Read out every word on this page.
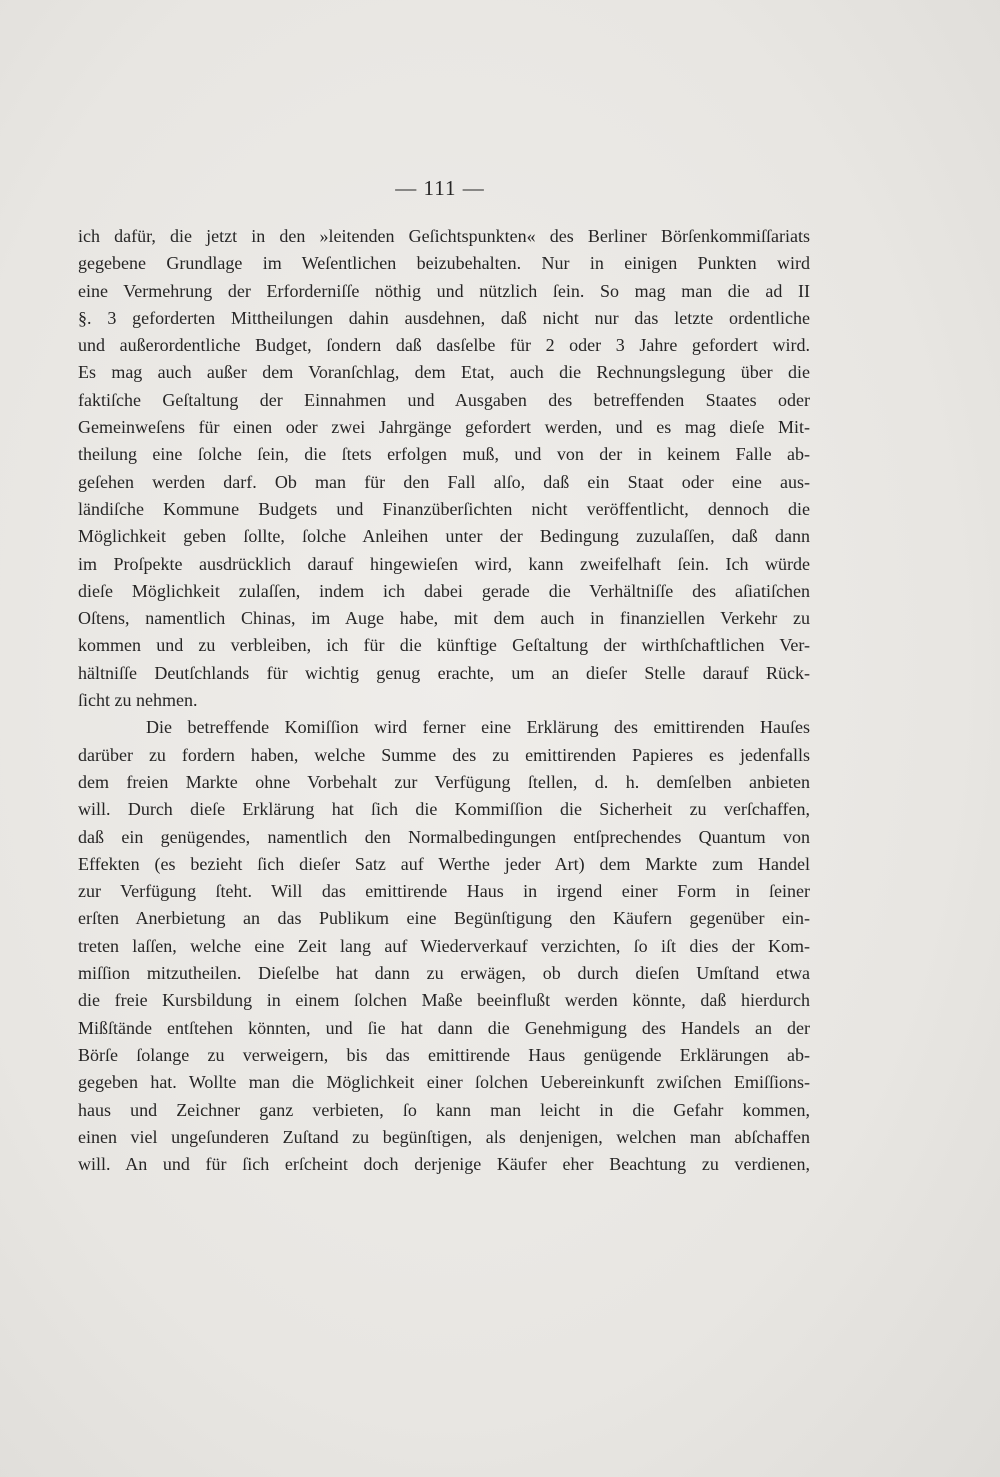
— 111 —
ich dafür, die jetzt in den »leitenden Geſichtspunkten« des Berliner Börſenkommiſſariats
gegebene Grundlage im Weſentlichen beizubehalten. Nur in einigen Punkten wird
eine Vermehrung der Erforderniſſe nöthig und nützlich ſein. So mag man die ad II
§. 3 geforderten Mittheilungen dahin ausdehnen, daß nicht nur das letzte ordentliche
und außerordentliche Budget, ſondern daß dasſelbe für 2 oder 3 Jahre gefordert wird.
Es mag auch außer dem Voranſchlag, dem Etat, auch die Rechnungslegung über die
faktiſche Geſtaltung der Einnahmen und Ausgaben des betreffenden Staates oder
Gemeinweſens für einen oder zwei Jahrgänge gefordert werden, und es mag dieſe Mit-
theilung eine ſolche ſein, die ſtets erfolgen muß, und von der in keinem Falle ab-
geſehen werden darf. Ob man für den Fall alſo, daß ein Staat oder eine aus-
ländiſche Kommune Budgets und Finanzüberſichten nicht veröffentlicht, dennoch die
Möglichkeit geben ſollte, ſolche Anleihen unter der Bedingung zuzulaſſen, daß dann
im Proſpekte ausdrücklich darauf hingewieſen wird, kann zweifelhaft ſein. Ich würde
dieſe Möglichkeit zulaſſen, indem ich dabei gerade die Verhältniſſe des aſiatiſchen
Oſtens, namentlich Chinas, im Auge habe, mit dem auch in finanziellen Verkehr zu
kommen und zu verbleiben, ich für die künftige Geſtaltung der wirthſchaftlichen Ver-
hältniſſe Deutſchlands für wichtig genug erachte, um an dieſer Stelle darauf Rück-
ſicht zu nehmen.
Die betreffende Komiſſion wird ferner eine Erklärung des emittirenden Hauſes
darüber zu fordern haben, welche Summe des zu emittirenden Papieres es jedenfalls
dem freien Markte ohne Vorbehalt zur Verfügung ſtellen, d. h. demſelben anbieten
will. Durch dieſe Erklärung hat ſich die Kommiſſion die Sicherheit zu verſchaffen,
daß ein genügendes, namentlich den Normalbedingungen entſprechendes Quantum von
Effekten (es bezieht ſich dieſer Satz auf Werthe jeder Art) dem Markte zum Handel
zur Verfügung ſteht. Will das emittirende Haus in irgend einer Form in ſeiner
erſten Anerbietung an das Publikum eine Begünſtigung den Käufern gegenüber ein-
treten laſſen, welche eine Zeit lang auf Wiederverkauf verzichten, ſo iſt dies der Kom-
miſſion mitzutheilen. Dieſelbe hat dann zu erwägen, ob durch dieſen Umſtand etwa
die freie Kursbildung in einem ſolchen Maße beeinflußt werden könnte, daß hierdurch
Mißſtände entſtehen könnten, und ſie hat dann die Genehmigung des Handels an der
Börſe ſolange zu verweigern, bis das emittirende Haus genügende Erklärungen ab-
gegeben hat. Wollte man die Möglichkeit einer ſolchen Uebereinkunft zwiſchen Emiſſions-
haus und Zeichner ganz verbieten, ſo kann man leicht in die Gefahr kommen,
einen viel ungeſunderen Zuſtand zu begünſtigen, als denjenigen, welchen man abſchaffen
will. An und für ſich erſcheint doch derjenige Käufer eher Beachtung zu verdienen,
